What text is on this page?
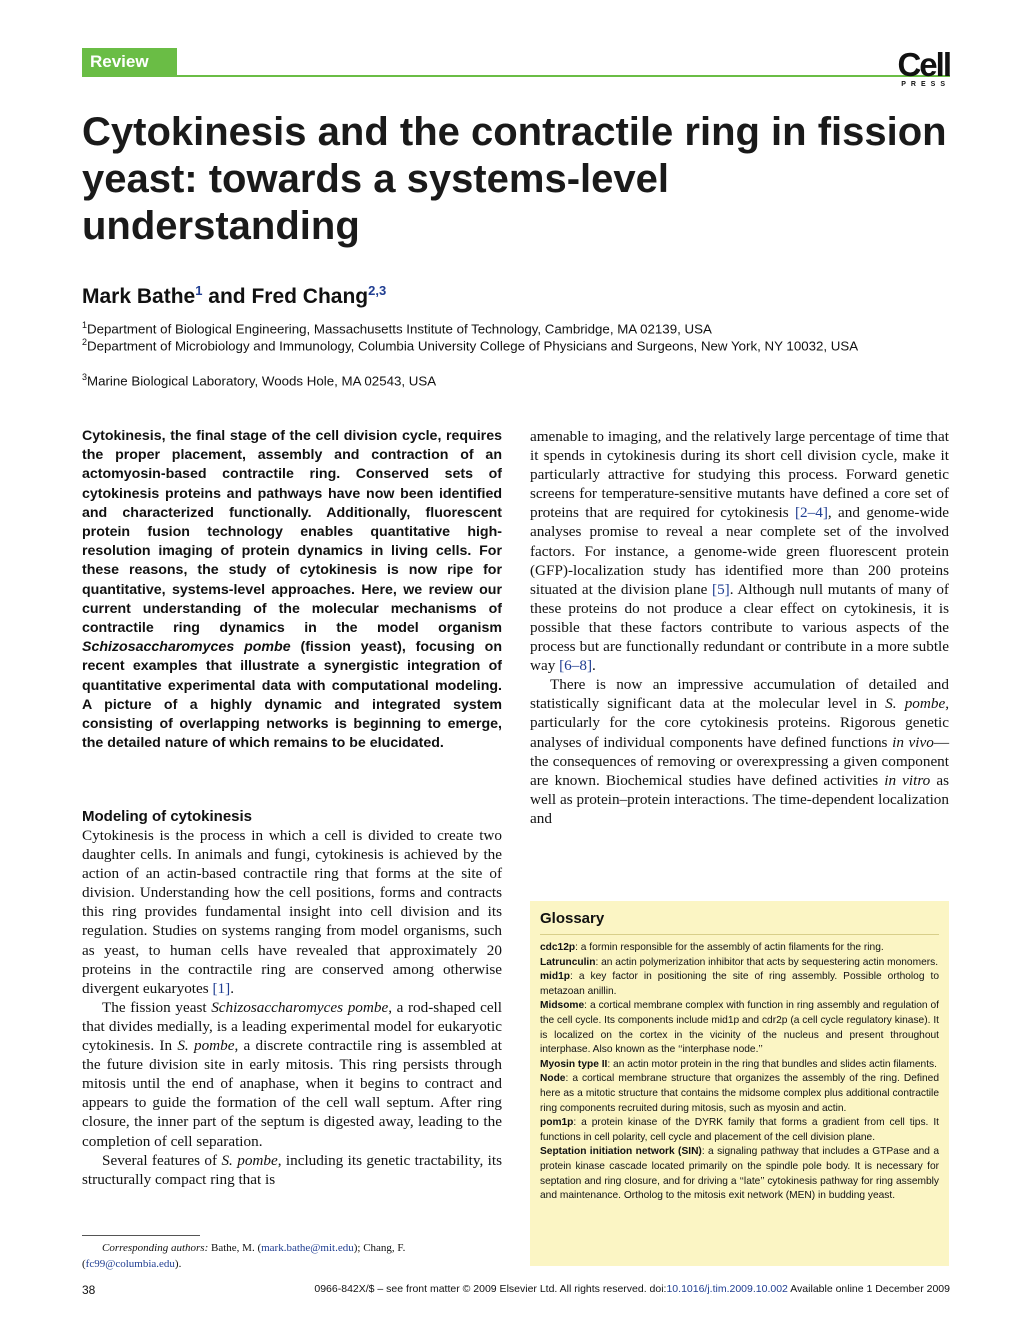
Review	Cell
PRESS
Cytokinesis and the contractile ring in fission yeast: towards a systems-level understanding
Mark Bathe$^1$ and Fred Chang$^{2,3}$
$^1$Department of Biological Engineering, Massachusetts Institute of Technology, Cambridge, MA 02139, USA
$^2$Department of Microbiology and Immunology, Columbia University College of Physicians and Surgeons, New York, NY 10032, USA
$^3$Marine Biological Laboratory, Woods Hole, MA 02543, USA
Cytokinesis, the final stage of the cell division cycle, requires the proper placement, assembly and contraction of an actomyosin-based contractile ring. Conserved sets of cytokinesis proteins and pathways have now been identified and characterized functionally. Additionally, fluorescent protein fusion technology enables quantitative high-resolution imaging of protein dynamics in living cells. For these reasons, the study of cytokinesis is now ripe for quantitative, systems-level approaches. Here, we review our current understanding of the molecular mechanisms of contractile ring dynamics in the model organism Schizosaccharomyces pombe (fission yeast), focusing on recent examples that illustrate a synergistic integration of quantitative experimental data with computational modeling. A picture of a highly dynamic and integrated system consisting of overlapping networks is beginning to emerge, the detailed nature of which remains to be elucidated.
Modeling of cytokinesis

Cytokinesis is the process in which a cell is divided to create two daughter cells. In animals and fungi, cytokinesis is achieved by the action of an actin-based contractile ring that forms at the site of division. Understanding how the cell positions, forms and contracts this ring provides fundamental insight into cell division and its regulation. Studies on systems ranging from model organisms, such as yeast, to human cells have revealed that approximately 20 proteins in the contractile ring are conserved among otherwise divergent eukaryotes [1].

The fission yeast Schizosaccharomyces pombe, a rod-shaped cell that divides medially, is a leading experimental model for eukaryotic cytokinesis. In S. pombe, a discrete contractile ring is assembled at the future division site in early mitosis. This ring persists through mitosis until the end of anaphase, when it begins to contract and appears to guide the formation of the cell wall septum. After ring closure, the inner part of the septum is digested away, leading to the completion of cell separation.

Several features of S. pombe, including its genetic tractability, its structurally compact ring that is

amenable to imaging, and the relatively large percentage of time that it spends in cytokinesis during its short cell division cycle, make it particularly attractive for studying this process. Forward genetic screens for temperature-sensitive mutants have defined a core set of proteins that are required for cytokinesis [2–4], and genome-wide analyses promise to reveal a near complete set of the involved factors. For instance, a genome-wide green fluorescent protein (GFP)-localization study has identified more than 200 proteins situated at the division plane [5]. Although null mutants of many of these proteins do not produce a clear effect on cytokinesis, it is possible that these factors contribute to various aspects of the process but are functionally redundant or contribute in a more subtle way [6–8].

There is now an impressive accumulation of detailed and statistically significant data at the molecular level in S. pombe, particularly for the core cytokinesis proteins. Rigorous genetic analyses of individual components have defined functions in vivo—the consequences of removing or overexpressing a given component are known. Biochemical studies have defined activities in vitro as well as protein–protein interactions. The time-dependent localization and

Glossary

cdc12p: a formin responsible for the assembly of actin filaments for the ring.

Latrunculin: an actin polymerization inhibitor that acts by sequestering actin monomers.

mid1p: a key factor in positioning the site of ring assembly. Possible ortholog to metazoan anillin.

Midsome: a cortical membrane complex with function in ring assembly and regulation of the cell cycle. Its components include mid1p and cdr2p (a cell cycle regulatory kinase). It is localized on the cortex in the vicinity of the nucleus and present throughout interphase. Also known as the ‘‘interphase node.’’

Myosin type II: an actin motor protein in the ring that bundles and slides actin filaments.

Node: a cortical membrane structure that organizes the assembly of the ring. Defined here as a mitotic structure that contains the midsome complex plus additional contractile ring components recruited during mitosis, such as myosin and actin.

pom1p: a protein kinase of the DYRK family that forms a gradient from cell tips. It functions in cell polarity, cell cycle and placement of the cell division plane.

Septation initiation network (SIN): a signaling pathway that includes a GTPase and a protein kinase cascade located primarily on the spindle pole body. It is necessary for septation and ring closure, and for driving a ‘‘late’’ cytokinesis pathway for ring assembly and maintenance. Ortholog to the mitosis exit network (MEN) in budding yeast.

Corresponding authors: Bathe, M. (mark.bathe@mit.edu); Chang, F.
(fc99@columbia.edu).
38	0966-842X/$ – see front matter © 2009 Elsevier Ltd. All rights reserved. doi:10.1016/j.tim.2009.10.002 Available online 1 December 2009
